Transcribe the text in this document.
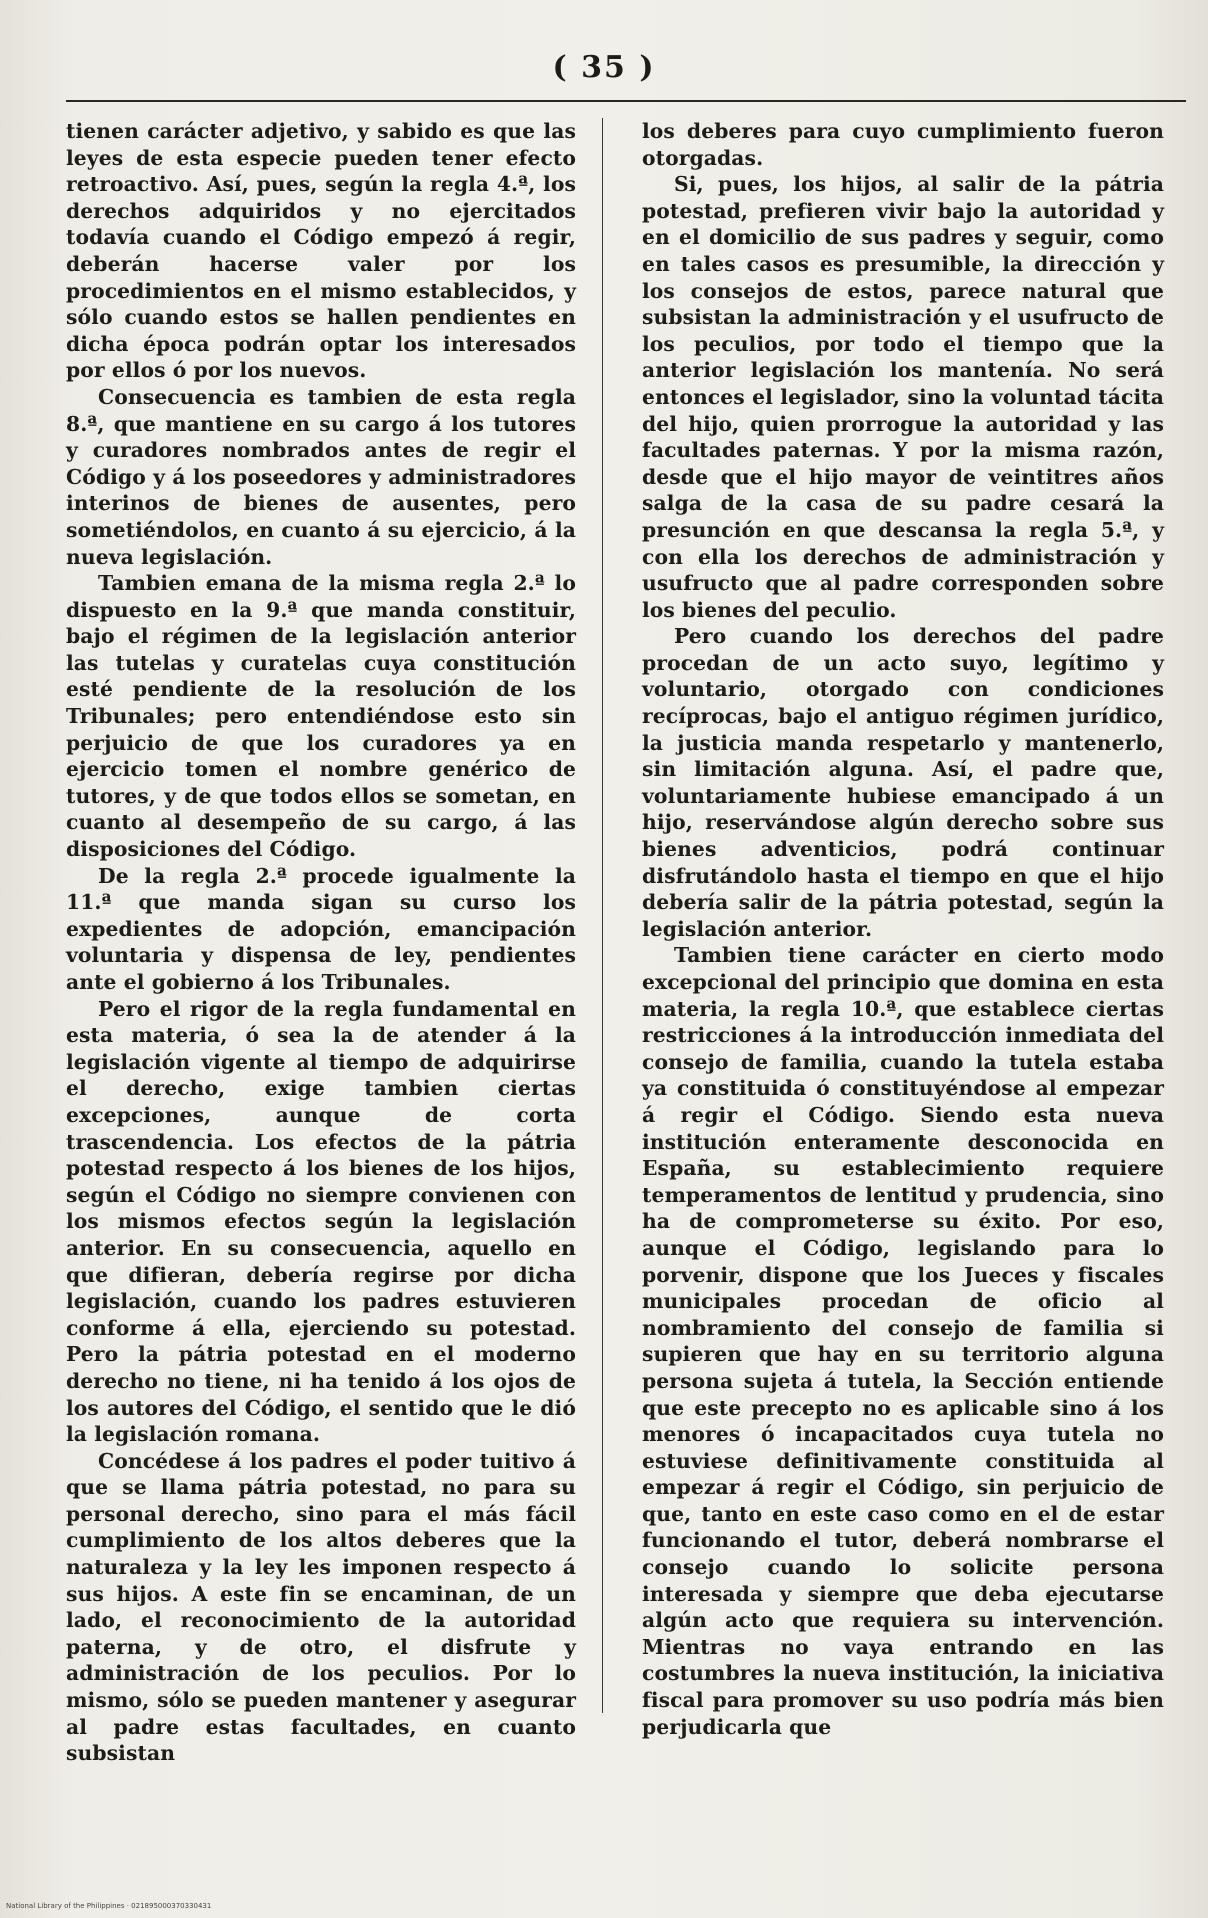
( 35 )

tienen carácter adjetivo, y sabido es que las leyes de esta especie pueden tener efecto retroactivo. Así, pues, según la regla 4.ª, los derechos adquiridos y no ejercitados todavía cuando el Código empezó á regir, deberán hacerse valer por los procedimientos en el mismo establecidos, y sólo cuando estos se hallen pendientes en dicha época podrán optar los interesados por ellos ó por los nuevos.

Consecuencia es tambien de esta regla 8.ª, que mantiene en su cargo á los tutores y curadores nombrados antes de regir el Código y á los poseedores y administradores interinos de bienes de ausentes, pero sometiéndolos, en cuanto á su ejercicio, á la nueva legislación.

Tambien emana de la misma regla 2.ª lo dispuesto en la 9.ª que manda constituir, bajo el régimen de la legislación anterior las tutelas y curatelas cuya constitución esté pendiente de la resolución de los Tribunales; pero entendiéndose esto sin perjuicio de que los curadores ya en ejercicio tomen el nombre genérico de tutores, y de que todos ellos se sometan, en cuanto al desempeño de su cargo, á las disposiciones del Código.

De la regla 2.ª procede igualmente la 11.ª que manda sigan su curso los expedientes de adopción, emancipación voluntaria y dispensa de ley, pendientes ante el gobierno á los Tribunales.

Pero el rigor de la regla fundamental en esta materia, ó sea la de atender á la legislación vigente al tiempo de adquirirse el derecho, exige tambien ciertas excepciones, aunque de corta trascendencia. Los efectos de la pátria potestad respecto á los bienes de los hijos, según el Código no siempre convienen con los mismos efectos según la legislación anterior. En su consecuencia, aquello en que difieran, debería regirse por dicha legislación, cuando los padres estuvieren conforme á ella, ejerciendo su potestad. Pero la pátria potestad en el moderno derecho no tiene, ni ha tenido á los ojos de los autores del Código, el sentido que le dió la legislación romana.

Concédese á los padres el poder tuitivo á que se llama pátria potestad, no para su personal derecho, sino para el más fácil cumplimiento de los altos deberes que la naturaleza y la ley les imponen respecto á sus hijos. A este fin se encaminan, de un lado, el reconocimiento de la autoridad paterna, y de otro, el disfrute y administración de los peculios. Por lo mismo, sólo se pueden mantener y asegurar al padre estas facultades, en cuanto subsistan

los deberes para cuyo cumplimiento fueron otorgadas.

Si, pues, los hijos, al salir de la pátria potestad, prefieren vivir bajo la autoridad y en el domicilio de sus padres y seguir, como en tales casos es presumible, la dirección y los consejos de estos, parece natural que subsistan la administración y el usufructo de los peculios, por todo el tiempo que la anterior legislación los mantenía. No será entonces el legislador, sino la voluntad tácita del hijo, quien prorrogue la autoridad y las facultades paternas. Y por la misma razón, desde que el hijo mayor de veintitres años salga de la casa de su padre cesará la presunción en que descansa la regla 5.ª, y con ella los derechos de administración y usufructo que al padre corresponden sobre los bienes del peculio.

Pero cuando los derechos del padre procedan de un acto suyo, legítimo y voluntario, otorgado con condiciones recíprocas, bajo el antiguo régimen jurídico, la justicia manda respetarlo y mantenerlo, sin limitación alguna. Así, el padre que, voluntariamente hubiese emancipado á un hijo, reservándose algún derecho sobre sus bienes adventicios, podrá continuar disfrutándolo hasta el tiempo en que el hijo debería salir de la pátria potestad, según la legislación anterior.

Tambien tiene carácter en cierto modo excepcional del principio que domina en esta materia, la regla 10.ª, que establece ciertas restricciones á la introducción inmediata del consejo de familia, cuando la tutela estaba ya constituida ó constituyéndose al empezar á regir el Código. Siendo esta nueva institución enteramente desconocida en España, su establecimiento requiere temperamentos de lentitud y prudencia, sino ha de comprometerse su éxito. Por eso, aunque el Código, legislando para lo porvenir, dispone que los Jueces y fiscales municipales procedan de oficio al nombramiento del consejo de familia si supieren que hay en su territorio alguna persona sujeta á tutela, la Sección entiende que este precepto no es aplicable sino á los menores ó incapacitados cuya tutela no estuviese definitivamente constituida al empezar á regir el Código, sin perjuicio de que, tanto en este caso como en el de estar funcionando el tutor, deberá nombrarse el consejo cuando lo solicite persona interesada y siempre que deba ejecutarse algún acto que requiera su intervención. Mientras no vaya entrando en las costumbres la nueva institución, la iniciativa fiscal para promover su uso podría más bien perjudicarla que

National Library of the Philippines · 021895000370330431
